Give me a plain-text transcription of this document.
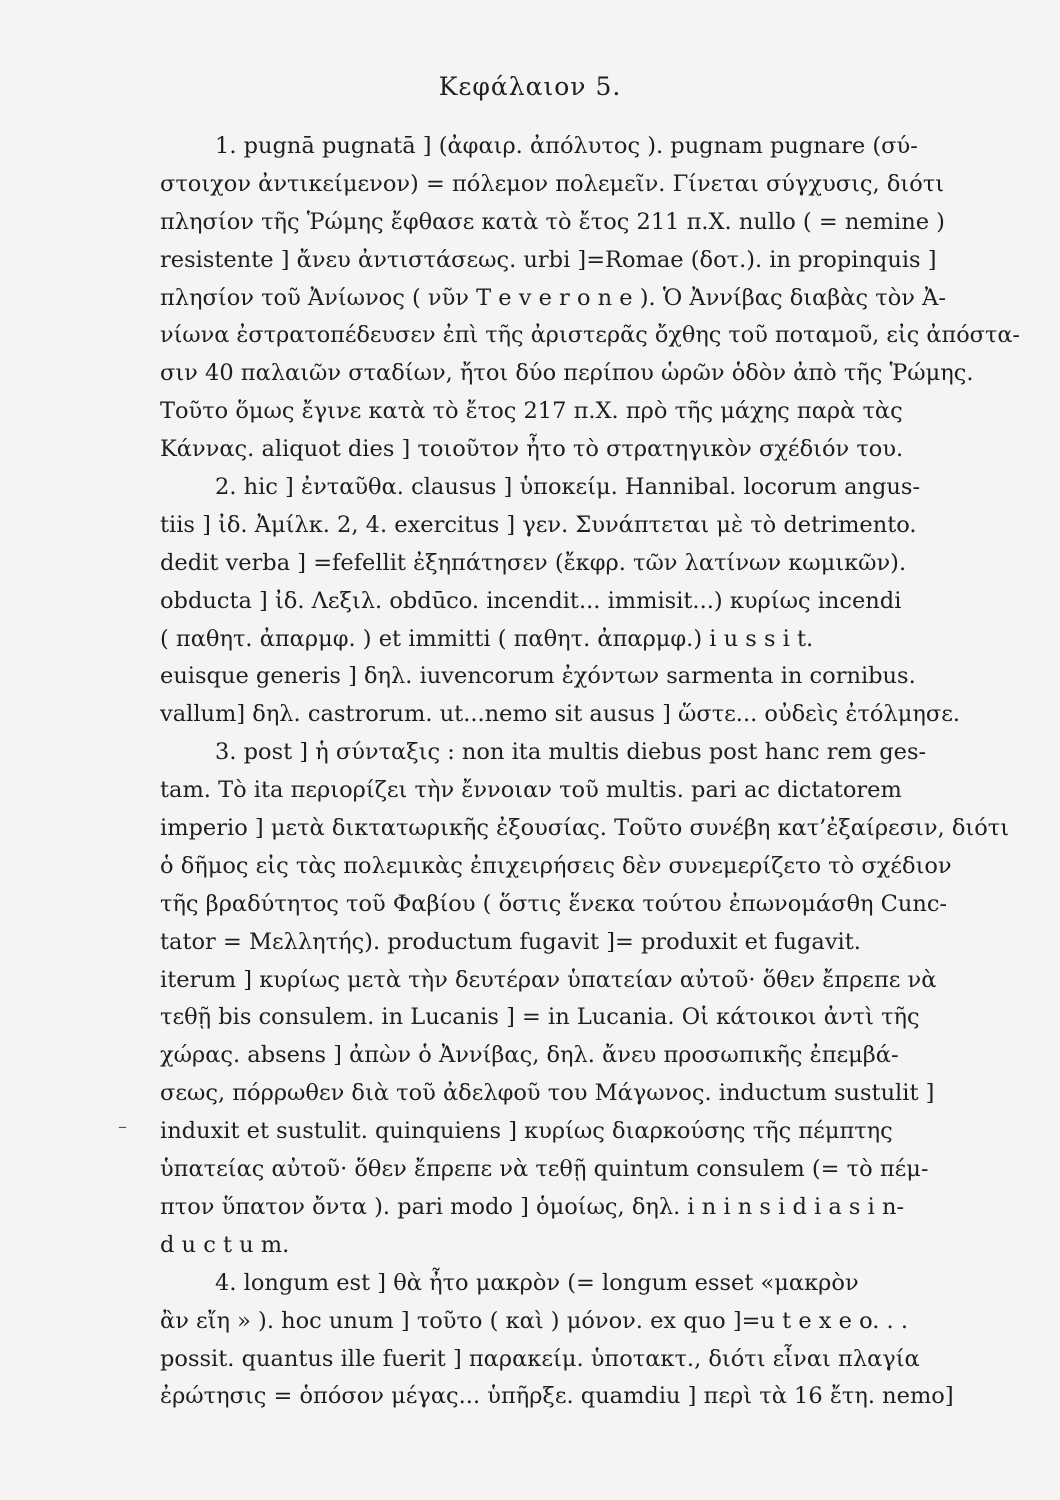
Κεφάλαιον 5.
–
1. pugnā pugnatā ] (ἀφαιρ. ἀπόλυτος ). pugnam pugnare (σύ-
στοιχον ἀντικείμενον) = πόλεμον πολεμεῖν. Γίνεται σύγχυσις, διότι
πλησίον τῆς Ῥώμης ἔφθασε κατὰ τὸ ἔτος 211 π.Χ. nullo ( = nemine )
resistente ] ἄνευ ἀντιστάσεως. urbi ]=Romae (δοτ.). in propinquis ]
πλησίον τοῦ Ἀνίωνος ( νῦν T e v e r o n e ). Ὁ Ἀννίβας διαβὰς τὸν Ἀ-
νίωνα ἐστρατοπέδευσεν ἐπὶ τῆς ἀριστερᾶς ὄχθης τοῦ ποταμοῦ, εἰς ἀπόστα-
σιν 40 παλαιῶν σταδίων, ἤτοι δύο περίπου ὡρῶν ὁδὸν ἀπὸ τῆς Ῥώμης.
Τοῦτο ὅμως ἔγινε κατὰ τὸ ἔτος 217 π.Χ. πρὸ τῆς μάχης παρὰ τὰς
Κάννας. aliquot dies ] τοιοῦτον ἦτο τὸ στρατηγικὸν σχέδιόν του.
2. hic ] ἐνταῦθα. clausus ] ὑποκείμ. Hannibal. locorum angus-
tiis ] ἰδ. Ἀμίλκ. 2, 4. exercitus ] γεν. Συνάπτεται μὲ τὸ detrimento.
dedit verba ] =fefellit ἐξηπάτησεν (ἔκφρ. τῶν λατίνων κωμικῶν).
obducta ] ἰδ. Λεξιλ. obdūco. incendit... immisit...) κυρίως incendi
( παθητ. ἀπαρμφ. ) et immitti ( παθητ. ἀπαρμφ.) i u s s i t.
euisque generis ] δηλ. iuvencorum ἐχόντων sarmenta in cornibus.
vallum] δηλ. castrorum. ut...nemo sit ausus ] ὥστε... οὐδεὶς ἐτόλμησε.
3. post ] ἡ σύνταξις : non ita multis diebus post hanc rem ges-
tam. Τὸ ita περιορίζει τὴν ἔννοιαν τοῦ multis. pari ac dictatorem
imperio ] μετὰ δικτατωρικῆς ἐξουσίας. Τοῦτο συνέβη κατ’ἐξαίρεσιν, διότι
ὁ δῆμος εἰς τὰς πολεμικὰς ἐπιχειρήσεις δὲν συνεμερίζετο τὸ σχέδιον
τῆς βραδύτητος τοῦ Φαβίου ( ὅστις ἕνεκα τούτου ἐπωνομάσθη Cunc-
tator = Μελλητής). productum fugavit ]= produxit et fugavit.
iterum ] κυρίως μετὰ τὴν δευτέραν ὑπατείαν αὐτοῦ· ὅθεν ἔπρεπε νὰ
τεθῇ bis consulem. in Lucanis ] = in Lucania. Οἱ κάτοικοι ἀντὶ τῆς
χώρας. absens ] ἀπὼν ὁ Ἀννίβας, δηλ. ἄνευ προσωπικῆς ἐπεμβά-
σεως, πόρρωθεν διὰ τοῦ ἀδελφοῦ του Μάγωνος. inductum sustulit ]
induxit et sustulit. quinquiens ] κυρίως διαρκούσης τῆς πέμπτης
ὑπατείας αὐτοῦ· ὅθεν ἔπρεπε νὰ τεθῇ quintum consulem (= τὸ πέμ-
πτον ὕπατον ὄντα ). pari modo ] ὁμοίως, δηλ. i n i n s i d i a s i n-
d u c t u m.
4. longum est ] θὰ ἦτο μακρὸν (= longum esset «μακρὸν
ἂν εἴη » ). hoc unum ] τοῦτο ( καὶ ) μόνον. ex quo ]=u t e x e o. . .
possit. quantus ille fuerit ] παρακείμ. ὑποτακτ., διότι εἶναι πλαγία
ἐρώτησις = ὁπόσον μέγας... ὑπῆρξε. quamdiu ] περὶ τὰ 16 ἔτη. nemo]
